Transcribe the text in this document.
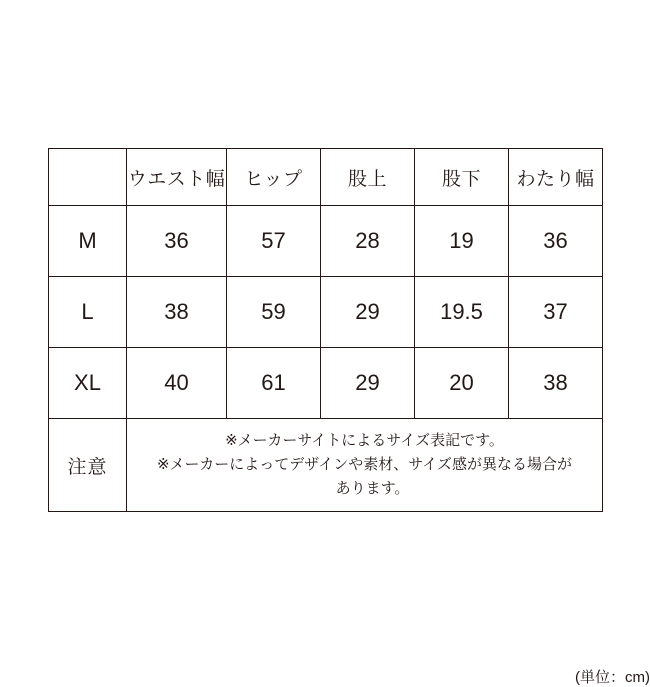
	ウエスト幅	ヒップ	股上	股下	わたり幅
M	36	57	28	19	36
L	38	59	29	19.5	37
XL	40	61	29	20	38
注意	※メーカーサイトによるサイズ表記です。
※メーカーによってデザインや素材、サイズ感が異なる場合が
あります。				
(単位：cm)
